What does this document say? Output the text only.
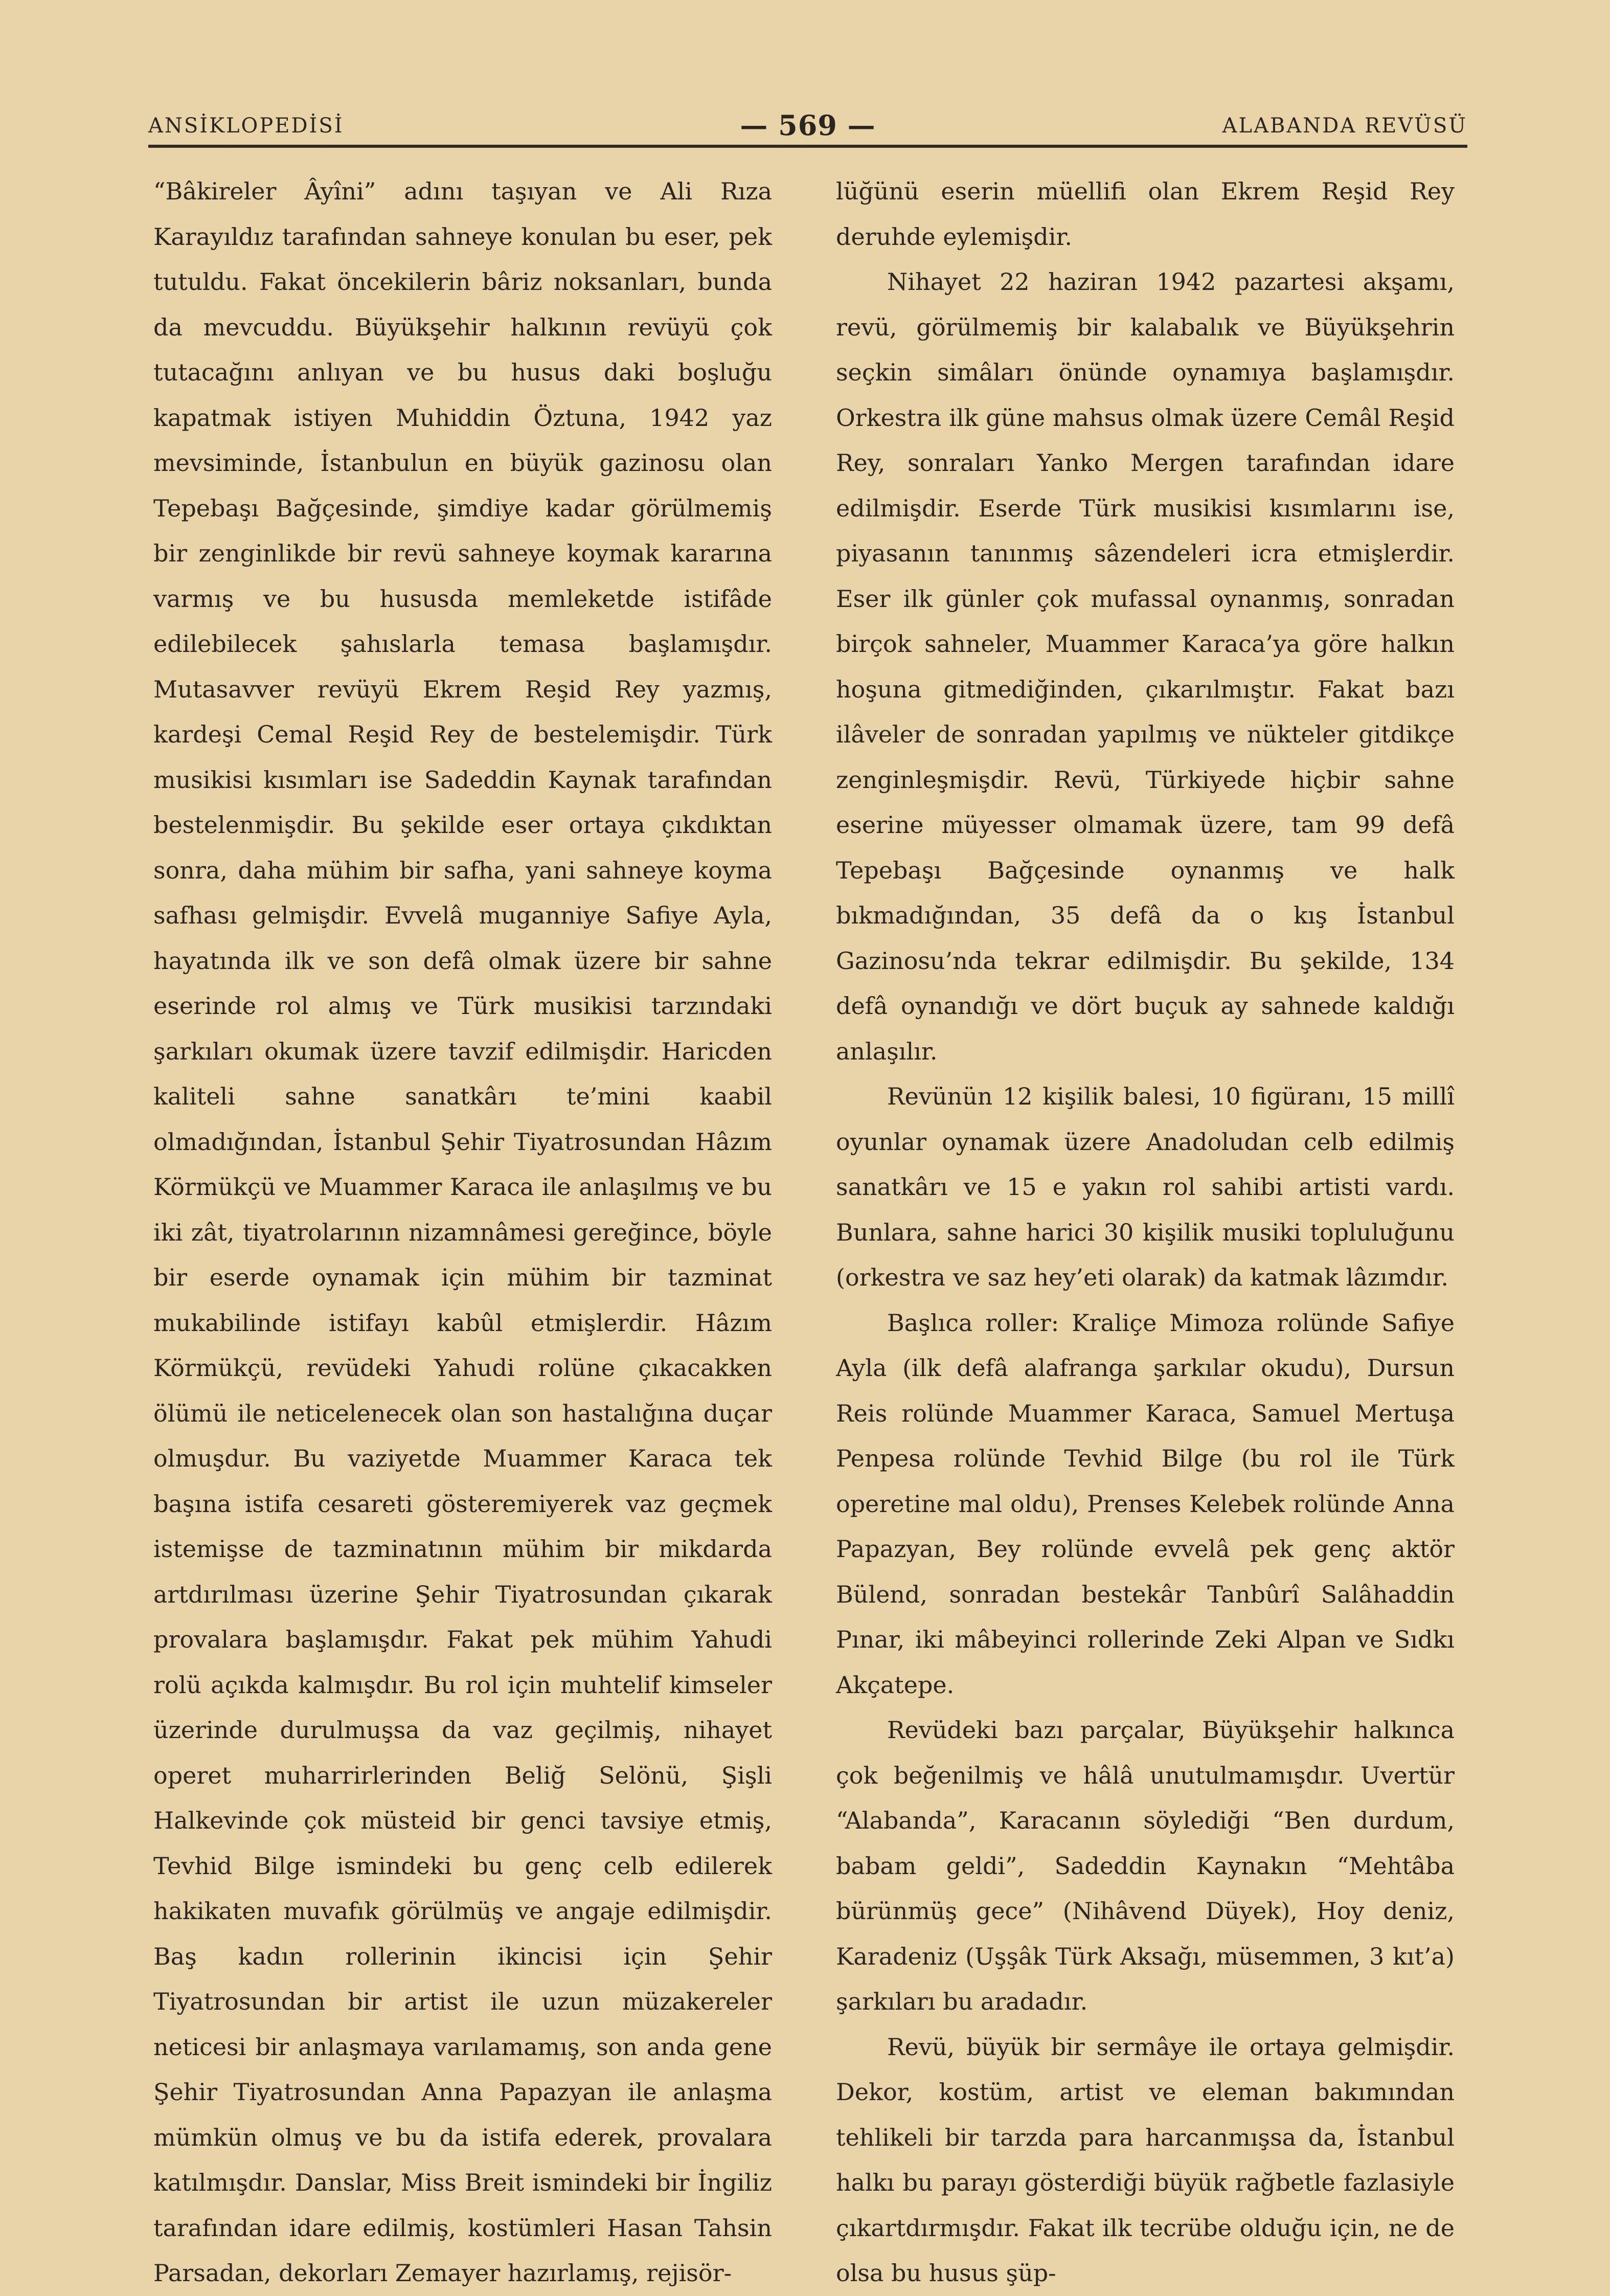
ANSİKLOPEDİSİ	— 569 —	ALABANDA REVÜSÜ

“Bâkireler Âyîni” adını taşıyan ve Ali Rıza Karayıldız tarafından sahneye konulan bu eser, pek tutuldu. Fakat öncekilerin bâriz noksanları, bunda da mevcuddu. Büyükşehir halkının revüyü çok tutacağını anlıyan ve bu husus daki boşluğu kapatmak istiyen Muhiddin Öztuna, 1942 yaz mevsiminde, İstanbulun en büyük gazinosu olan Tepebaşı Bağçesinde, şimdiye kadar görülmemiş bir zenginlikde bir revü sahneye koymak kararına varmış ve bu hususda memleketde istifâde edilebilecek şahıslarla temasa başlamışdır. Mutasavver revüyü Ekrem Reşid Rey yazmış, kardeşi Cemal Reşid Rey de bestelemişdir. Türk musikisi kısımları ise Sadeddin Kaynak tarafından bestelenmişdir. Bu şekilde eser ortaya çıkdıktan sonra, daha mühim bir safha, yani sahneye koyma safhası gelmişdir. Evvelâ muganniye Safiye Ayla, hayatında ilk ve son defâ olmak üzere bir sahne eserinde rol almış ve Türk musikisi tarzındaki şarkıları okumak üzere tavzif edilmişdir. Haricden kaliteli sahne sanatkârı te’mini kaabil olmadığından, İstanbul Şehir Tiyatrosundan Hâzım Körmükçü ve Muammer Karaca ile anlaşılmış ve bu iki zât, tiyatrolarının nizamnâmesi gereğince, böyle bir eserde oynamak için mühim bir tazminat mukabilinde istifayı kabûl etmişlerdir. Hâzım Körmükçü, revüdeki Yahudi rolüne çıkacakken ölümü ile neticelenecek olan son hastalığına duçar olmuşdur. Bu vaziyetde Muammer Karaca tek başına istifa cesareti gösteremiyerek vaz geçmek istemişse de tazminatının mühim bir mikdarda artdırılması üzerine Şehir Tiyatrosundan çıkarak provalara başlamışdır. Fakat pek mühim Yahudi rolü açıkda kalmışdır. Bu rol için muhtelif kimseler üzerinde durulmuşsa da vaz geçilmiş, nihayet operet muharrirlerinden Beliğ Selönü, Şişli Halkevinde çok müsteid bir genci tavsiye etmiş, Tevhid Bilge ismindeki bu genç celb edilerek hakikaten muvafık görülmüş ve angaje edilmişdir. Baş kadın rollerinin ikincisi için Şehir Tiyatrosundan bir artist ile uzun müzakereler neticesi bir anlaşmaya varılamamış, son anda gene Şehir Tiyatrosundan Anna Papazyan ile anlaşma mümkün olmuş ve bu da istifa ederek, provalara katılmışdır. Danslar, Miss Breit ismindeki bir İngiliz tarafından idare edilmiş, kostümleri Hasan Tahsin Parsadan, dekorları Zemayer hazırlamış, rejisör-

lüğünü eserin müellifi olan Ekrem Reşid Rey deruhde eylemişdir.

Nihayet 22 haziran 1942 pazartesi akşamı, revü, görülmemiş bir kalabalık ve Büyükşehrin seçkin simâları önünde oynamıya başlamışdır. Orkestra ilk güne mahsus olmak üzere Cemâl Reşid Rey, sonraları Yanko Mergen tarafından idare edilmişdir. Eserde Türk musikisi kısımlarını ise, piyasanın tanınmış sâzendeleri icra etmişlerdir. Eser ilk günler çok mufassal oynanmış, sonradan birçok sahneler, Muammer Karaca’ya göre halkın hoşuna gitmediğinden, çıkarılmıştır. Fakat bazı ilâveler de sonradan yapılmış ve nükteler gitdikçe zenginleşmişdir. Revü, Türkiyede hiçbir sahne eserine müyesser olmamak üzere, tam 99 defâ Tepebaşı Bağçesinde oynanmış ve halk bıkmadığından, 35 defâ da o kış İstanbul Gazinosu’nda tekrar edilmişdir. Bu şekilde, 134 defâ oynandığı ve dört buçuk ay sahnede kaldığı anlaşılır.

Revünün 12 kişilik balesi, 10 figüranı, 15 millî oyunlar oynamak üzere Anadoludan celb edilmiş sanatkârı ve 15 e yakın rol sahibi artisti vardı. Bunlara, sahne harici 30 kişilik musiki topluluğunu (orkestra ve saz hey’eti olarak) da katmak lâzımdır.

Başlıca roller: Kraliçe Mimoza rolünde Safiye Ayla (ilk defâ alafranga şarkılar okudu), Dursun Reis rolünde Muammer Karaca, Samuel Mertuşa Penpesa rolünde Tevhid Bilge (bu rol ile Türk operetine mal oldu), Prenses Kelebek rolünde Anna Papazyan, Bey rolünde evvelâ pek genç aktör Bülend, sonradan bestekâr Tanbûrî Salâhaddin Pınar, iki mâbeyinci rollerinde Zeki Alpan ve Sıdkı Akçatepe.

Revüdeki bazı parçalar, Büyükşehir halkınca çok beğenilmiş ve hâlâ unutulmamışdır. Uvertür “Alabanda”, Karacanın söylediği “Ben durdum, babam geldi”, Sadeddin Kaynakın “Mehtâba bürünmüş gece” (Nihâvend Düyek), Hoy deniz, Karadeniz (Uşşâk Türk Aksağı, müsemmen, 3 kıt’a) şarkıları bu aradadır.

Revü, büyük bir sermâye ile ortaya gelmişdir. Dekor, kostüm, artist ve eleman bakımından tehlikeli bir tarzda para harcanmışsa da, İstanbul halkı bu parayı gösterdiği büyük rağbetle fazlasiyle çıkartdırmışdır. Fakat ilk tecrübe olduğu için, ne de olsa bu husus şüp-
